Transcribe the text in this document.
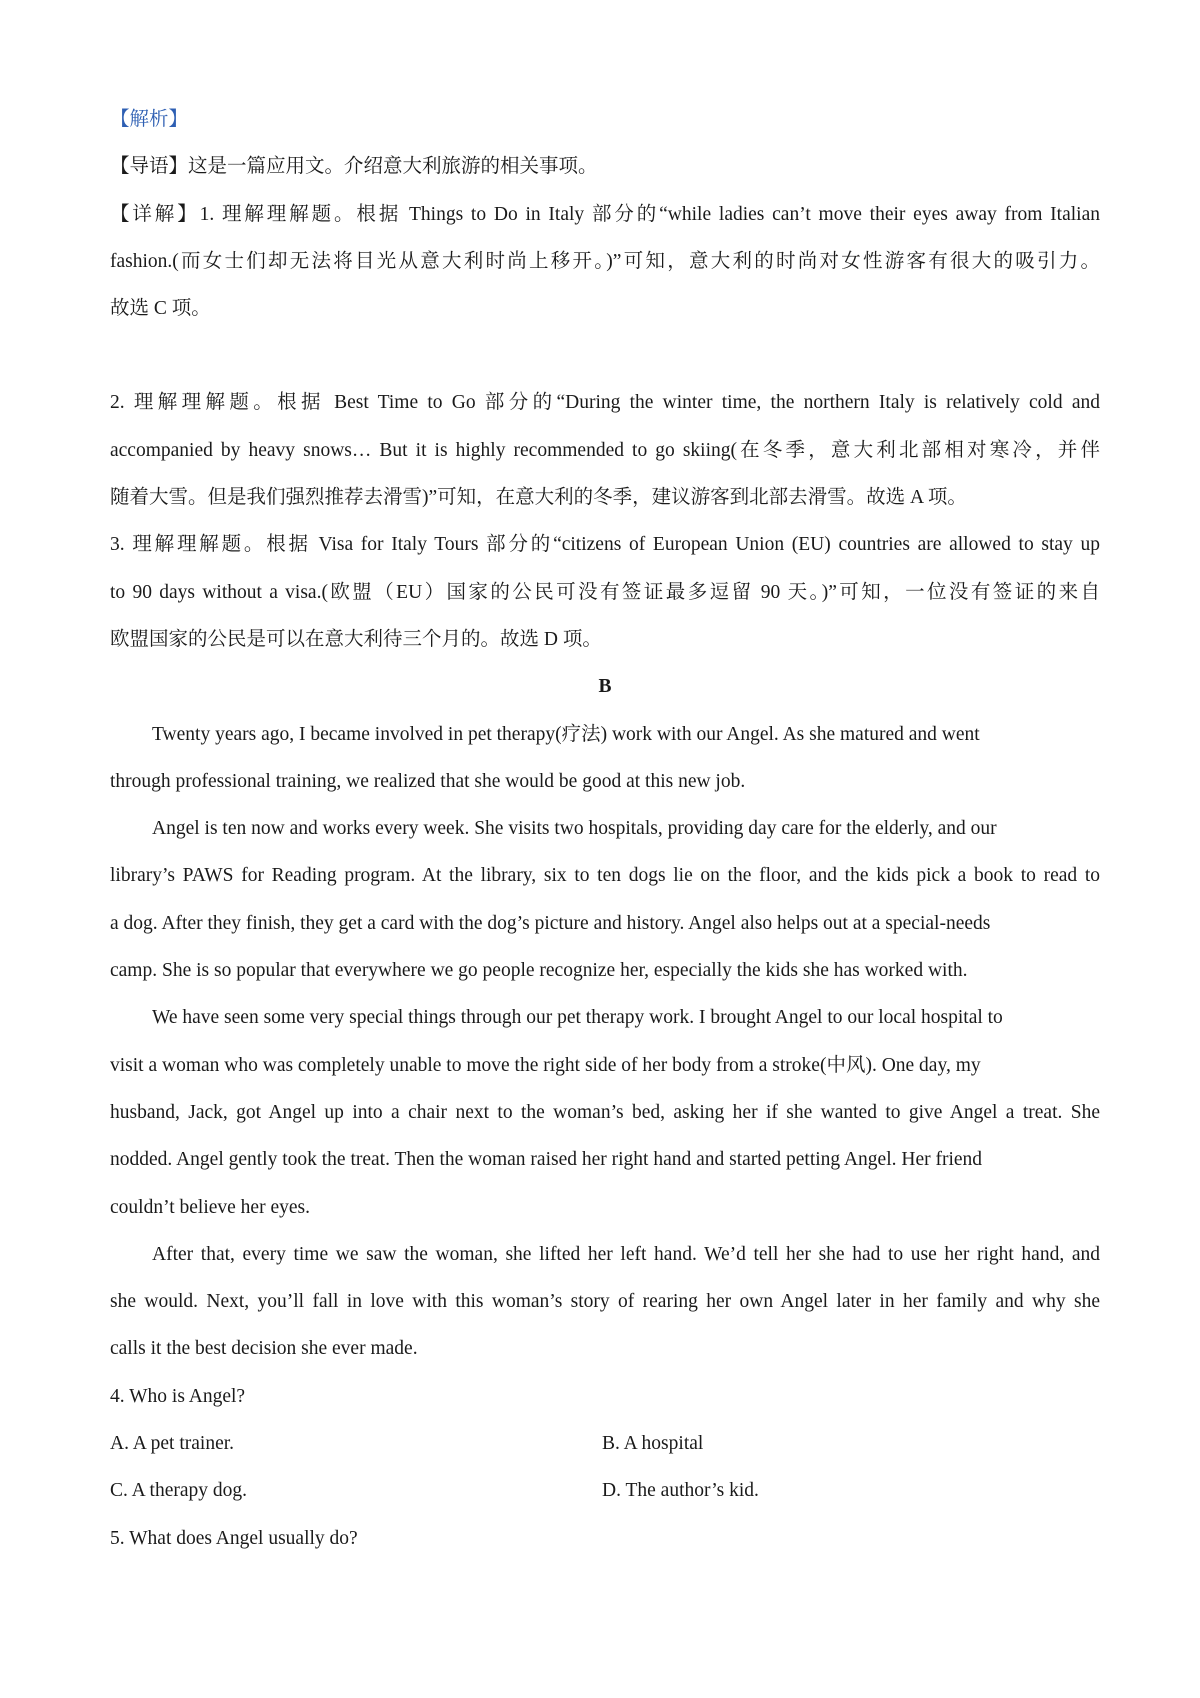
【解析】

【导语】这是一篇应用文。介绍意大利旅游的相关事项。

【详解】1. 理解理解题。根据 Things to Do in Italy 部分的“while ladies can’t move their eyes away from Italian

fashion.(而女士们却无法将目光从意大利时尚上移开。)”可知，意大利的时尚对女性游客有很大的吸引力。

故选 C 项。

2. 理解理解题。根据 Best Time to Go 部分的“During the winter time, the northern Italy is relatively cold and

accompanied by heavy snows… But it is highly recommended to go skiing(在冬季，意大利北部相对寒冷，并伴

随着大雪。但是我们强烈推荐去滑雪)”可知，在意大利的冬季，建议游客到北部去滑雪。故选 A 项。

3. 理解理解题。根据 Visa for Italy Tours 部分的“citizens of European Union (EU) countries are allowed to stay up

to 90 days without a visa.(欧盟（EU）国家的公民可没有签证最多逗留 90 天。)”可知，一位没有签证的来自

欧盟国家的公民是可以在意大利待三个月的。故选 D 项。

B

Twenty years ago, I became involved in pet therapy(疗法) work with our Angel. As she matured and went

through professional training, we realized that she would be good at this new job.

Angel is ten now and works every week. She visits two hospitals, providing day care for the elderly, and our

library’s PAWS for Reading program. At the library, six to ten dogs lie on the floor, and the kids pick a book to read to

a dog. After they finish, they get a card with the dog’s picture and history. Angel also helps out at a special-needs

camp. She is so popular that everywhere we go people recognize her, especially the kids she has worked with.

We have seen some very special things through our pet therapy work. I brought Angel to our local hospital to

visit a woman who was completely unable to move the right side of her body from a stroke(中风). One day, my

husband, Jack, got Angel up into a chair next to the woman’s bed, asking her if she wanted to give Angel a treat. She

nodded. Angel gently took the treat. Then the woman raised her right hand and started petting Angel. Her friend

couldn’t believe her eyes.

After that, every time we saw the woman, she lifted her left hand. We’d tell her she had to use her right hand, and

she would. Next, you’ll fall in love with this woman’s story of rearing her own Angel later in her family and why she

calls it the best decision she ever made.

4. Who is Angel?

A. A pet trainer.	B. A hospital
C. A therapy dog.	D. The author’s kid.

5. What does Angel usually do?
